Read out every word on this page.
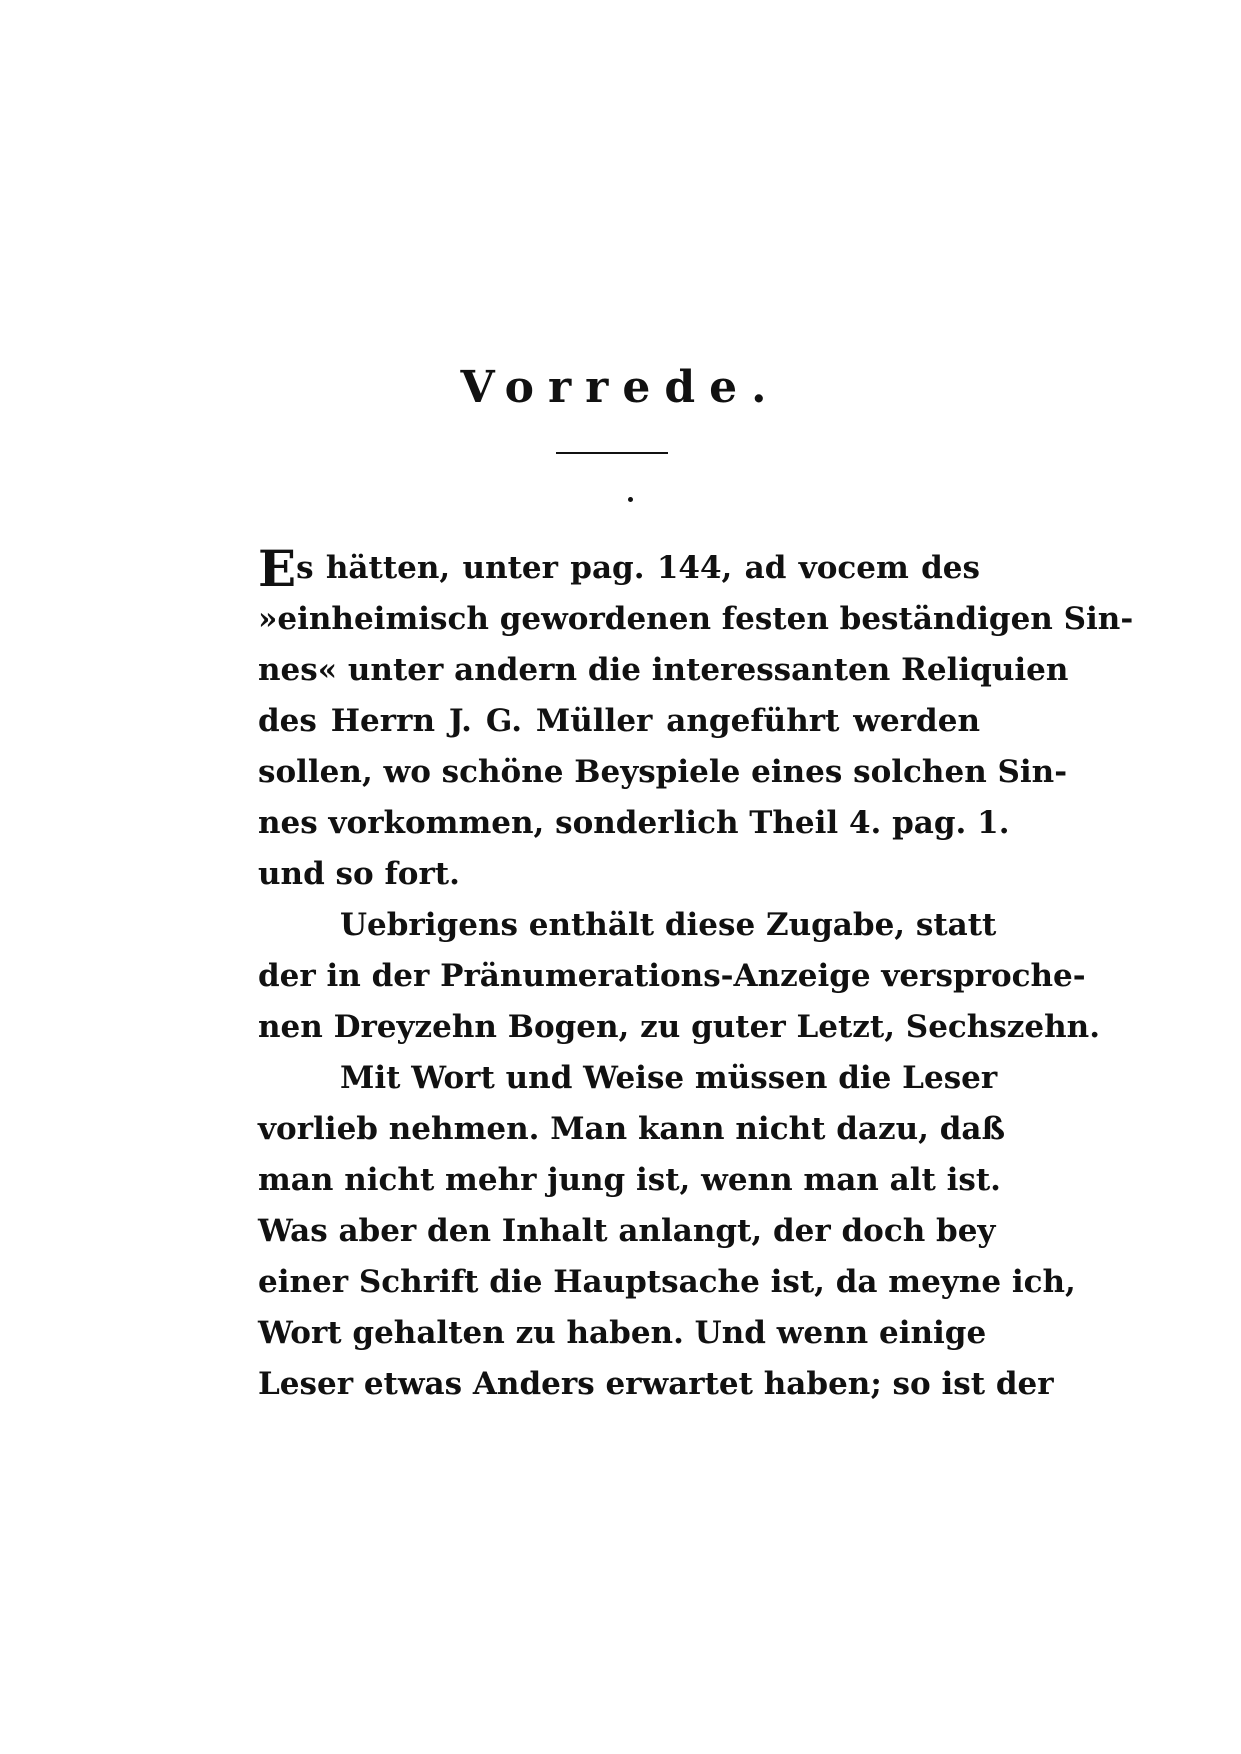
Vorrede.
Es hätten, unter pag. 144, ad vocem des
»einheimisch gewordenen festen beständigen Sin-
nes« unter andern die interessanten Reliquien
des Herrn J. G. Müller angeführt werden
sollen, wo schöne Beyspiele eines solchen Sin-
nes vorkommen, sonderlich Theil 4. pag. 1.
und so fort.
Uebrigens enthält diese Zugabe, statt
der in der Pränumerations-Anzeige versproche-
nen Dreyzehn Bogen, zu guter Letzt, Sechszehn.
Mit Wort und Weise müssen die Leser
vorlieb nehmen. Man kann nicht dazu, daß
man nicht mehr jung ist, wenn man alt ist.
Was aber den Inhalt anlangt, der doch bey
einer Schrift die Hauptsache ist, da meyne ich,
Wort gehalten zu haben. Und wenn einige
Leser etwas Anders erwartet haben; so ist der
